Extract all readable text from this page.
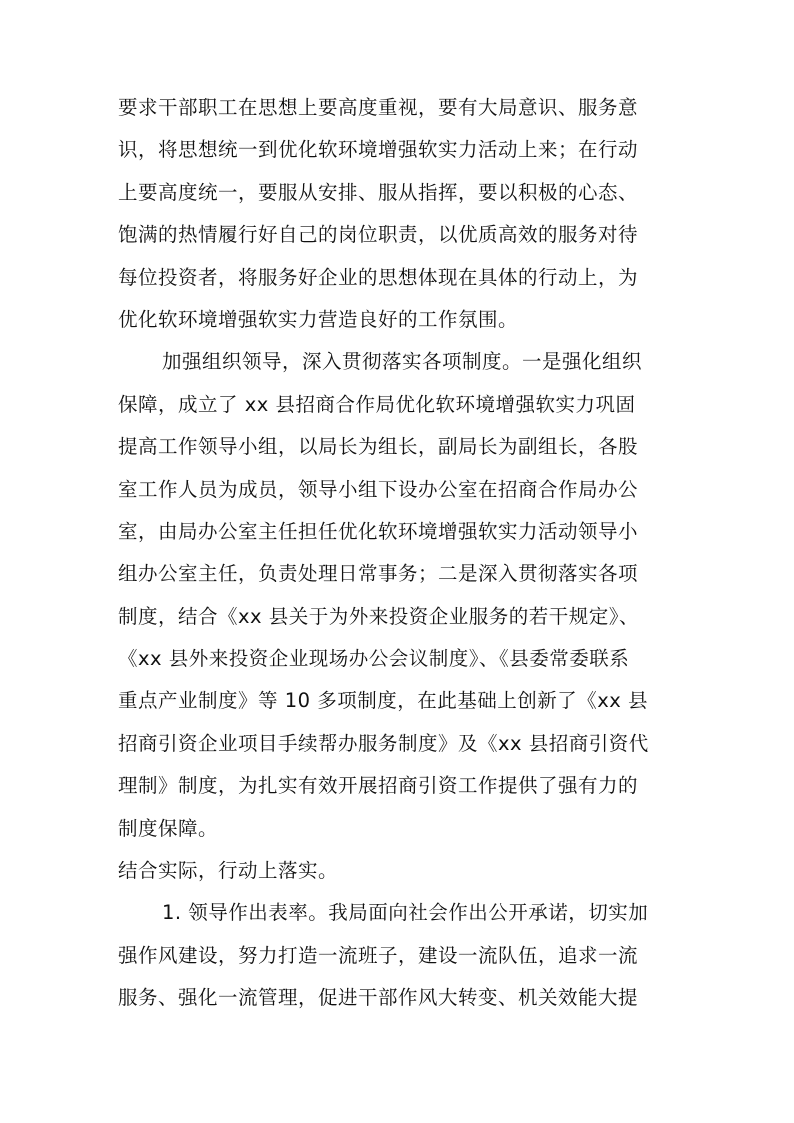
要求干部职工在思想上要高度重视，要有大局意识、服务意
识，将思想统一到优化软环境增强软实力活动上来；在行动
上要高度统一，要服从安排、服从指挥，要以积极的心态、
饱满的热情履行好自己的岗位职责，以优质高效的服务对待
每位投资者，将服务好企业的思想体现在具体的行动上，为
优化软环境增强软实力营造良好的工作氛围。
加强组织领导，深入贯彻落实各项制度。一是强化组织
保障，成立了 xx 县招商合作局优化软环境增强软实力巩固
提高工作领导小组，以局长为组长，副局长为副组长，各股
室工作人员为成员，领导小组下设办公室在招商合作局办公
室，由局办公室主任担任优化软环境增强软实力活动领导小
组办公室主任，负责处理日常事务；二是深入贯彻落实各项
制度，结合《xx 县关于为外来投资企业服务的若干规定》、
《xx 县外来投资企业现场办公会议制度》、《县委常委联系
重点产业制度》等 10 多项制度，在此基础上创新了《xx 县
招商引资企业项目手续帮办服务制度》及《xx 县招商引资代
理制》制度，为扎实有效开展招商引资工作提供了强有力的
制度保障。
结合实际，行动上落实。
1. 领导作出表率。我局面向社会作出公开承诺，切实加
强作风建设，努力打造一流班子，建设一流队伍，追求一流
服务、强化一流管理，促进干部作风大转变、机关效能大提
